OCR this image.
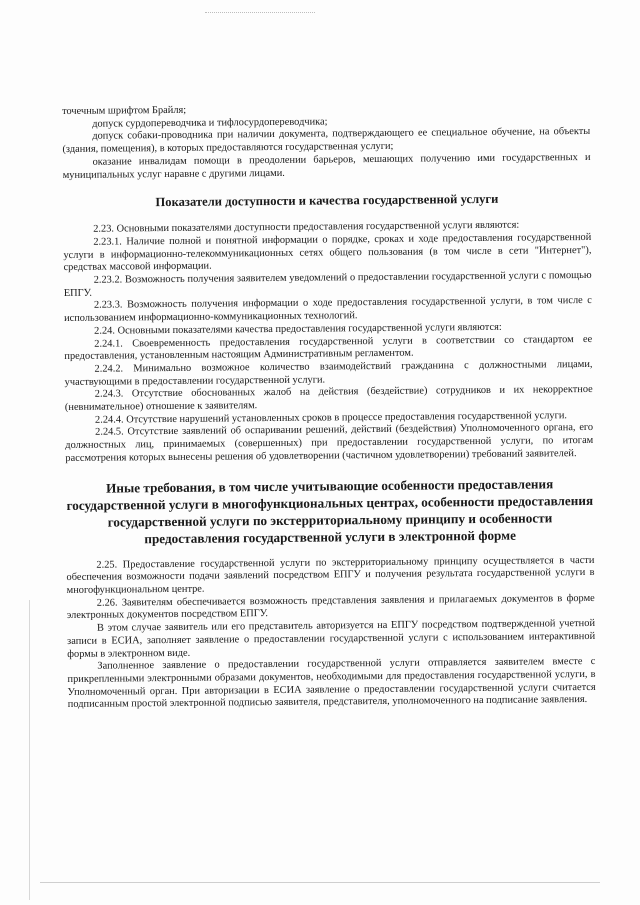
точечным шрифтом Брайля;

допуск сурдопереводчика и тифлосурдопереводчика;

допуск собаки-проводника при наличии документа, подтверждающего ее специальное обучение, на объекты (здания, помещения), в которых предоставляются государственная услуги;

оказание инвалидам помощи в преодолении барьеров, мешающих получению ими государственных и муниципальных услуг наравне с другими лицами.

Показатели доступности и качества государственной услуги

2.23. Основными показателями доступности предоставления государственной услуги являются:

2.23.1. Наличие полной и понятной информации о порядке, сроках и ходе предоставления государственной услуги в информационно-телекоммуникационных сетях общего пользования (в том числе в сети "Интернет"), средствах массовой информации.

2.23.2. Возможность получения заявителем уведомлений о предоставлении государственной услуги с помощью ЕПГУ.

2.23.3. Возможность получения информации о ходе предоставления государственной услуги, в том числе с использованием информационно-коммуникационных технологий.

2.24. Основными показателями качества предоставления государственной услуги являются:

2.24.1. Своевременность предоставления государственной услуги в соответствии со стандартом ее предоставления, установленным настоящим Административным регламентом.

2.24.2. Минимально возможное количество взаимодействий гражданина с должностными лицами, участвующими в предоставлении государственной услуги.

2.24.3. Отсутствие обоснованных жалоб на действия (бездействие) сотрудников и их некорректное (невнимательное) отношение к заявителям.

2.24.4. Отсутствие нарушений установленных сроков в процессе предоставления государственной услуги.

2.24.5. Отсутствие заявлений об оспаривании решений, действий (бездействия) Уполномоченного органа, его должностных лиц, принимаемых (совершенных) при предоставлении государственной услуги, по итогам рассмотрения которых вынесены решения об удовлетворении (частичном удовлетворении) требований заявителей.

Иные требования, в том числе учитывающие особенности предоставления государственной услуги в многофункциональных центрах, особенности предоставления государственной услуги по экстерриториальному принципу и особенности предоставления государственной услуги в электронной форме

2.25. Предоставление государственной услуги по экстерриториальному принципу осуществляется в части обеспечения возможности подачи заявлений посредством ЕПГУ и получения результата государственной услуги в многофункциональном центре.

2.26. Заявителям обеспечивается возможность представления заявления и прилагаемых документов в форме электронных документов посредством ЕПГУ.

В этом случае заявитель или его представитель авторизуется на ЕПГУ посредством подтвержденной учетной записи в ЕСИА, заполняет заявление о предоставлении государственной услуги с использованием интерактивной формы в электронном виде.

Заполненное заявление о предоставлении государственной услуги отправляется заявителем вместе с прикрепленными электронными образами документов, необходимыми для предоставления государственной услуги, в Уполномоченный орган. При авторизации в ЕСИА заявление о предоставлении государственной услуги считается подписанным простой электронной подписью заявителя, представителя, уполномоченного на подписание заявления.
